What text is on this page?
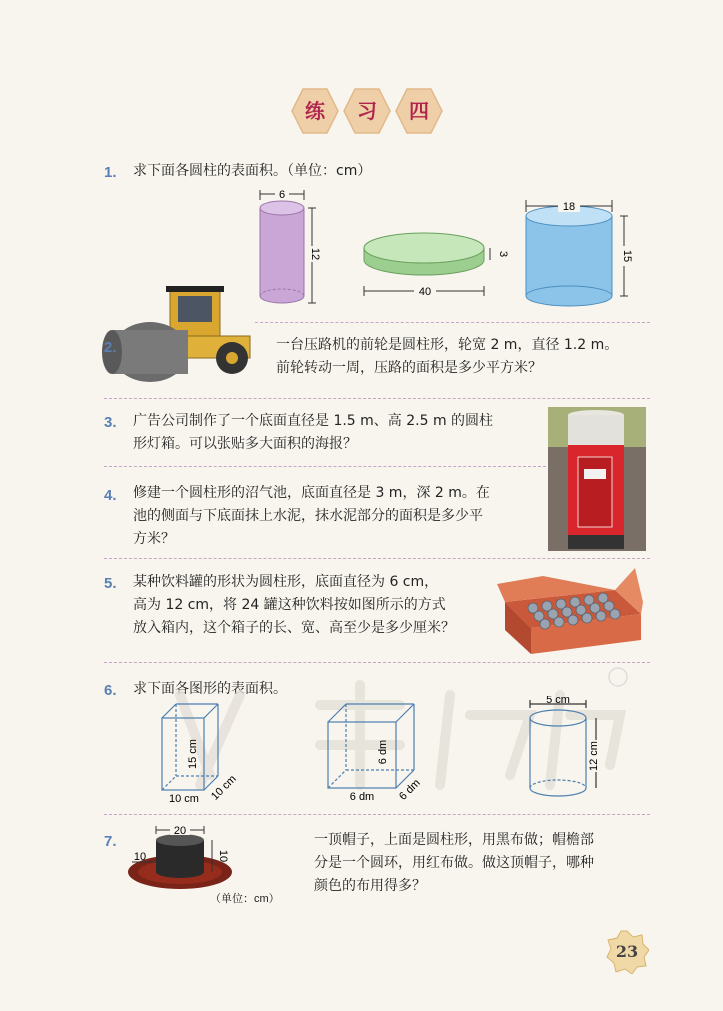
练	习	四
1. 求下面各圆柱的表面积。（单位：cm）
6
12
40
3
18
15
2.	一台压路机的前轮是圆柱形，轮宽 2 m，直径 1.2 m。
前轮转动一周，压路的面积是多少平方米？
3. 广告公司制作了一个底面直径是 1.5 m、高 2.5 m 的圆柱
形灯箱。可以张贴多大面积的海报？
4. 修建一个圆柱形的沼气池，底面直径是 3 m，深 2 m。在
池的侧面与下底面抹上水泥，抹水泥部分的面积是多少平
方米？
5. 某种饮料罐的形状为圆柱形，底面直径为 6 cm，
高为 12 cm，将 24 罐这种饮料按如图所示的方式
放入箱内，这个箱子的长、宽、高至少是多少厘米？
6. 求下面各图形的表面积。
15 cm
10 cm 10 cm
6 dm
6 dm 6 dm
5 cm
12 cm
7.
20
10
10
（单位：cm）
一顶帽子，上面是圆柱形，用黑布做；帽檐部
分是一个圆环，用红布做。做这顶帽子，哪种
颜色的布用得多？
23
